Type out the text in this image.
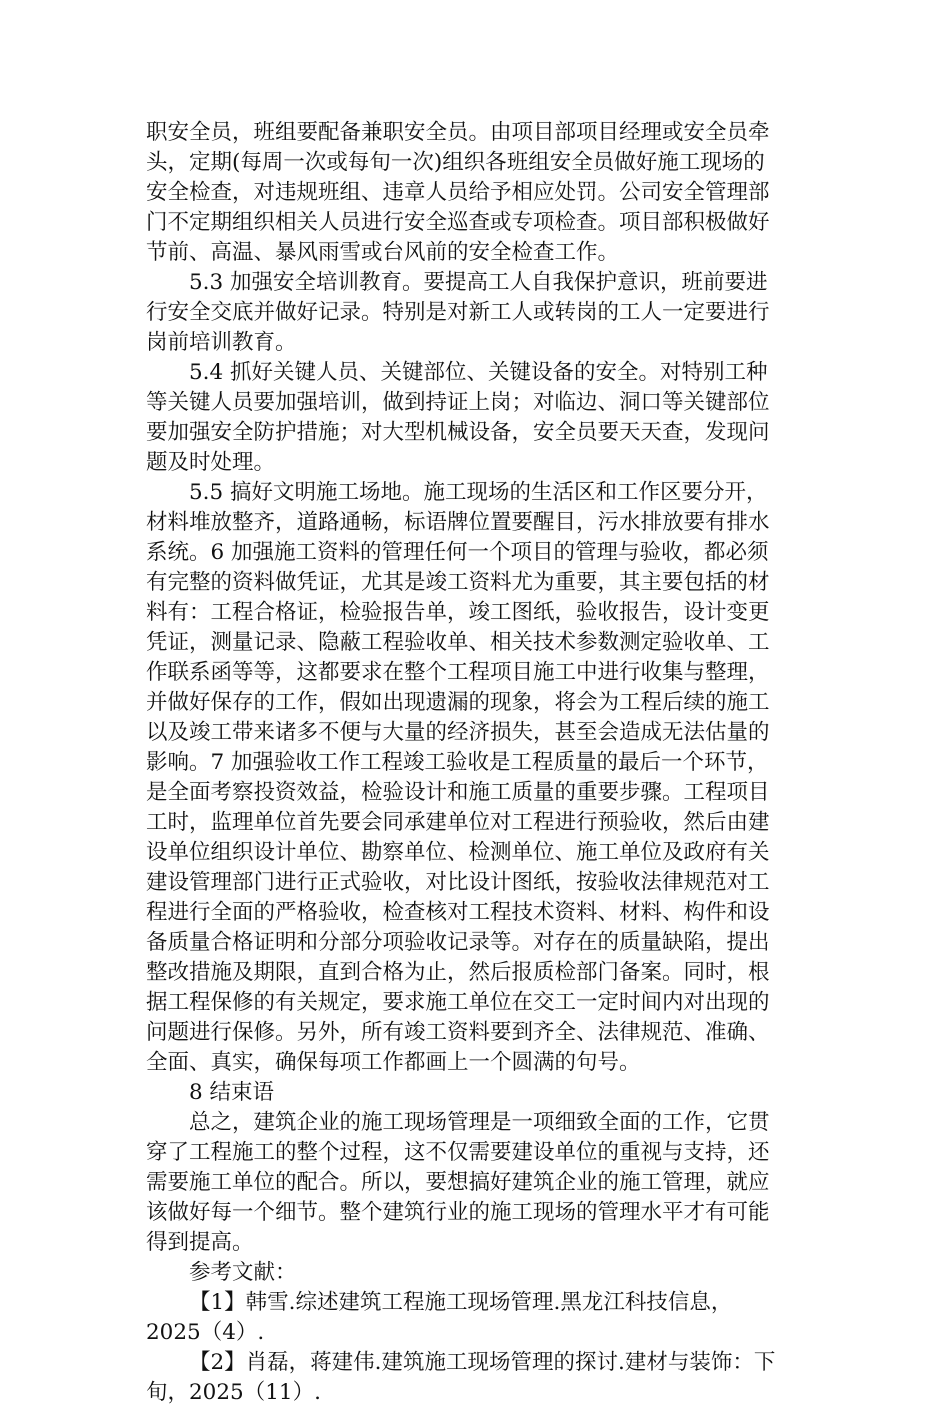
职安全员，班组要配备兼职安全员。由项目部项目经理或安全员牵
头，定期(每周一次或每旬一次)组织各班组安全员做好施工现场的
安全检查，对违规班组、违章人员给予相应处罚。公司安全管理部
门不定期组织相关人员进行安全巡查或专项检查。项目部积极做好
节前、高温、暴风雨雪或台风前的安全检查工作。
5.3 加强安全培训教育。要提高工人自我保护意识，班前要进
行安全交底并做好记录。特别是对新工人或转岗的工人一定要进行
岗前培训教育。
5.4 抓好关键人员、关键部位、关键设备的安全。对特别工种
等关键人员要加强培训，做到持证上岗；对临边、洞口等关键部位
要加强安全防护措施；对大型机械设备，安全员要天天查，发现问
题及时处理。
5.5 搞好文明施工场地。施工现场的生活区和工作区要分开，
材料堆放整齐，道路通畅，标语牌位置要醒目，污水排放要有排水
系统。6 加强施工资料的管理任何一个项目的管理与验收，都必须
有完整的资料做凭证，尤其是竣工资料尤为重要，其主要包括的材
料有：工程合格证，检验报告单，竣工图纸，验收报告，设计变更
凭证，测量记录、隐蔽工程验收单、相关技术参数测定验收单、工
作联系函等等，这都要求在整个工程项目施工中进行收集与整理，
并做好保存的工作，假如出现遗漏的现象，将会为工程后续的施工
以及竣工带来诸多不便与大量的经济损失，甚至会造成无法估量的
影响。7 加强验收工作工程竣工验收是工程质量的最后一个环节，
是全面考察投资效益，检验设计和施工质量的重要步骤。工程项目
工时，监理单位首先要会同承建单位对工程进行预验收，然后由建
设单位组织设计单位、勘察单位、检测单位、施工单位及政府有关
建设管理部门进行正式验收，对比设计图纸，按验收法律规范对工
程进行全面的严格验收，检查核对工程技术资料、材料、构件和设
备质量合格证明和分部分项验收记录等。对存在的质量缺陷，提出
整改措施及期限，直到合格为止，然后报质检部门备案。同时，根
据工程保修的有关规定，要求施工单位在交工一定时间内对出现的
问题进行保修。另外，所有竣工资料要到齐全、法律规范、准确、
全面、真实，确保每项工作都画上一个圆满的句号。
8 结束语
总之，建筑企业的施工现场管理是一项细致全面的工作，它贯
穿了工程施工的整个过程，这不仅需要建设单位的重视与支持，还
需要施工单位的配合。所以，要想搞好建筑企业的施工管理，就应
该做好每一个细节。整个建筑行业的施工现场的管理水平才有可能
得到提高。
参考文献：
【1】韩雪.综述建筑工程施工现场管理.黑龙江科技信息，
2025（4）.
【2】肖磊，蒋建伟.建筑施工现场管理的探讨.建材与装饰：下
旬，2025（11）.
